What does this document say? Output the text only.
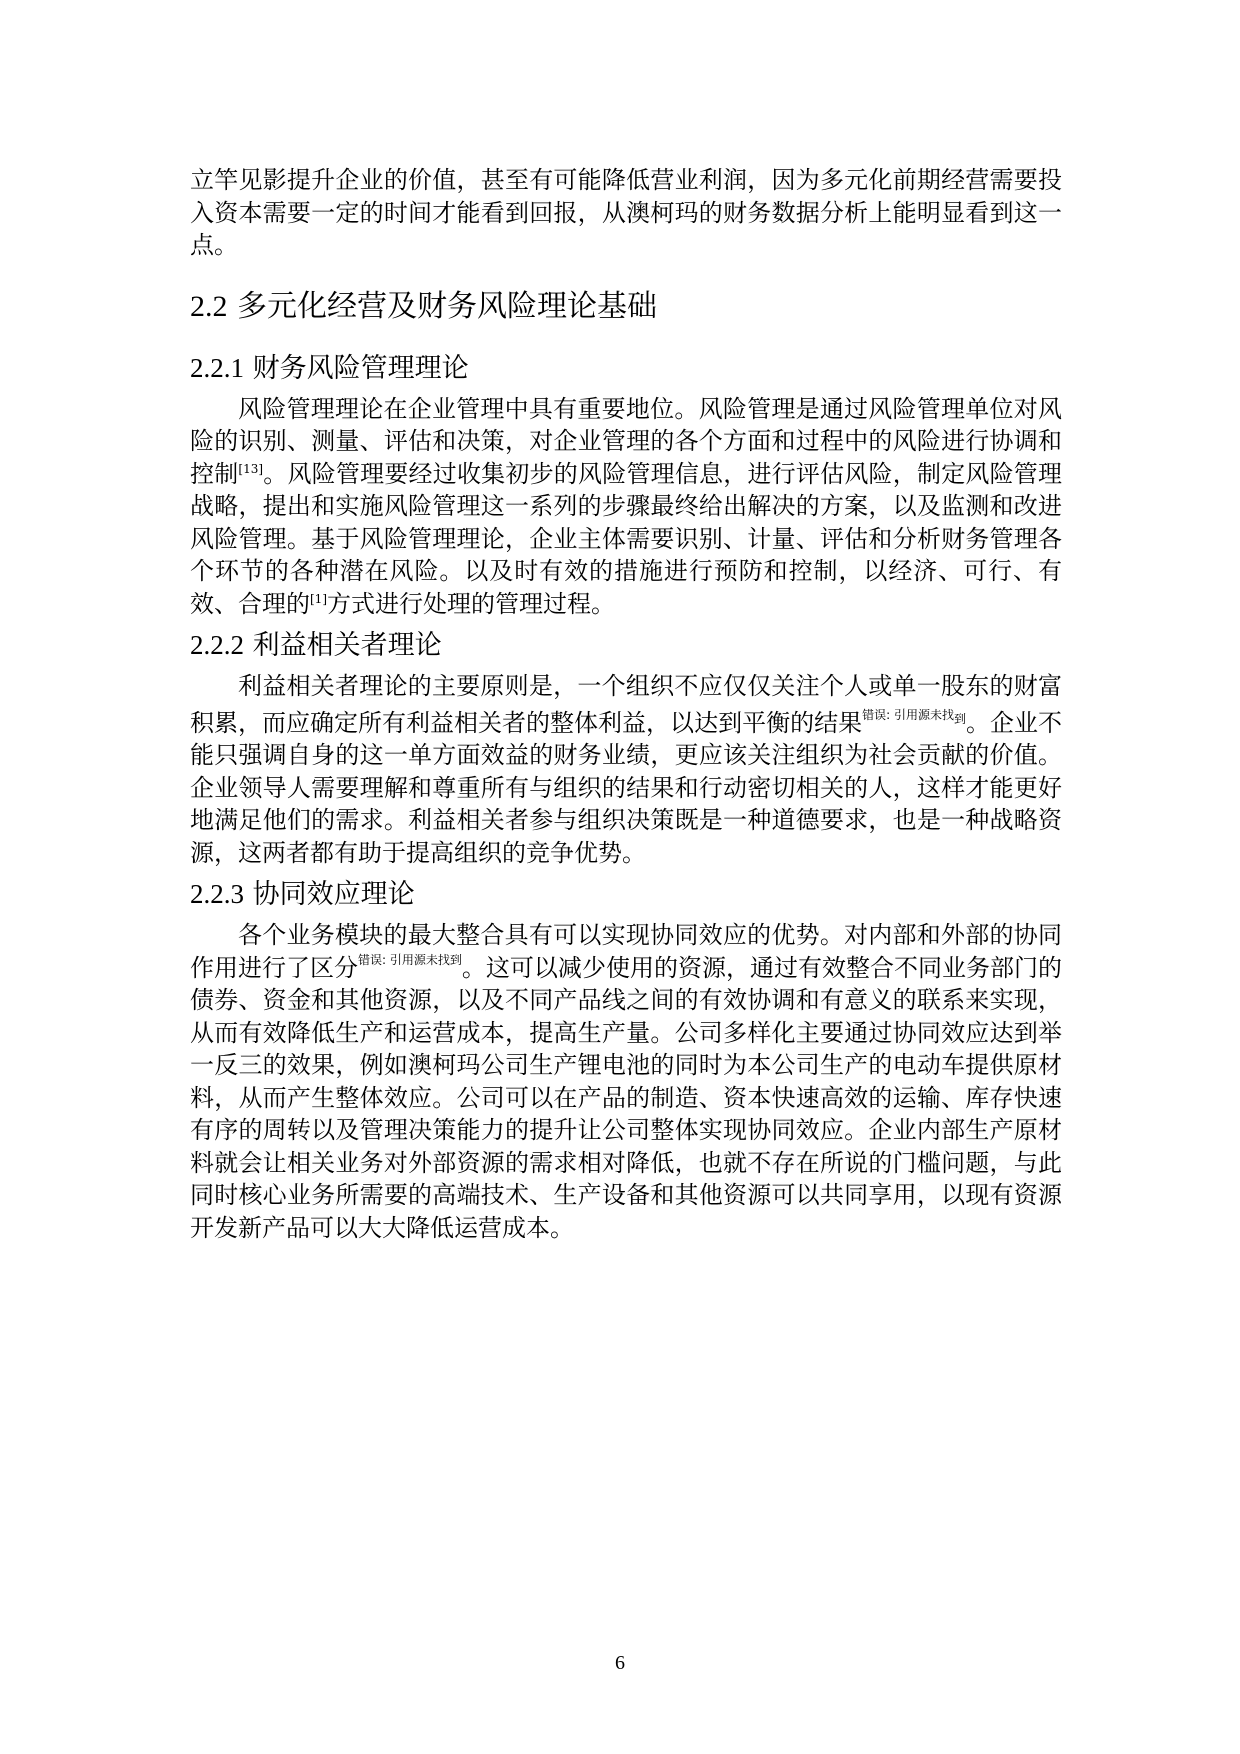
立竿见影提升企业的价值，甚至有可能降低营业利润，因为多元化前期经营需要投入资本需要一定的时间才能看到回报，从澳柯玛的财务数据分析上能明显看到这一点。

2.2 多元化经营及财务风险理论基础
2.2.1 财务风险管理理论

风险管理理论在企业管理中具有重要地位。风险管理是通过风险管理单位对风险的识别、测量、评估和决策，对企业管理的各个方面和过程中的风险进行协调和控制[13]。风险管理要经过收集初步的风险管理信息，进行评估风险，制定风险管理战略，提出和实施风险管理这一系列的步骤最终给出解决的方案，以及监测和改进风险管理。基于风险管理理论，企业主体需要识别、计量、评估和分析财务管理各个环节的各种潜在风险。以及时有效的措施进行预防和控制，以经济、可行、有效、合理的[1]方式进行处理的管理过程。

2.2.2 利益相关者理论

利益相关者理论的主要原则是，一个组织不应仅仅关注个人或单一股东的财富积累，而应确定所有利益相关者的整体利益，以达到平衡的结果$^{错误: 引用源未找到}$。企业不能只强调自身的这一单方面效益的财务业绩，更应该关注组织为社会贡献的价值。企业领导人需要理解和尊重所有与组织的结果和行动密切相关的人，这样才能更好地满足他们的需求。利益相关者参与组织决策既是一种道德要求，也是一种战略资源，这两者都有助于提高组织的竞争优势。

2.2.3 协同效应理论

各个业务模块的最大整合具有可以实现协同效应的优势。对内部和外部的协同作用进行了区分$^{错误: 引用源未找到}$。这可以减少使用的资源，通过有效整合不同业务部门的债券、资金和其他资源，以及不同产品线之间的有效协调和有意义的联系来实现，从而有效降低生产和运营成本，提高生产量。公司多样化主要通过协同效应达到举一反三的效果，例如澳柯玛公司生产锂电池的同时为本公司生产的电动车提供原材料，从而产生整体效应。公司可以在产品的制造、资本快速高效的运输、库存快速有序的周转以及管理决策能力的提升让公司整体实现协同效应。企业内部生产原材料就会让相关业务对外部资源的需求相对降低，也就不存在所说的门槛问题，与此同时核心业务所需要的高端技术、生产设备和其他资源可以共同享用，以现有资源开发新产品可以大大降低运营成本。

6
